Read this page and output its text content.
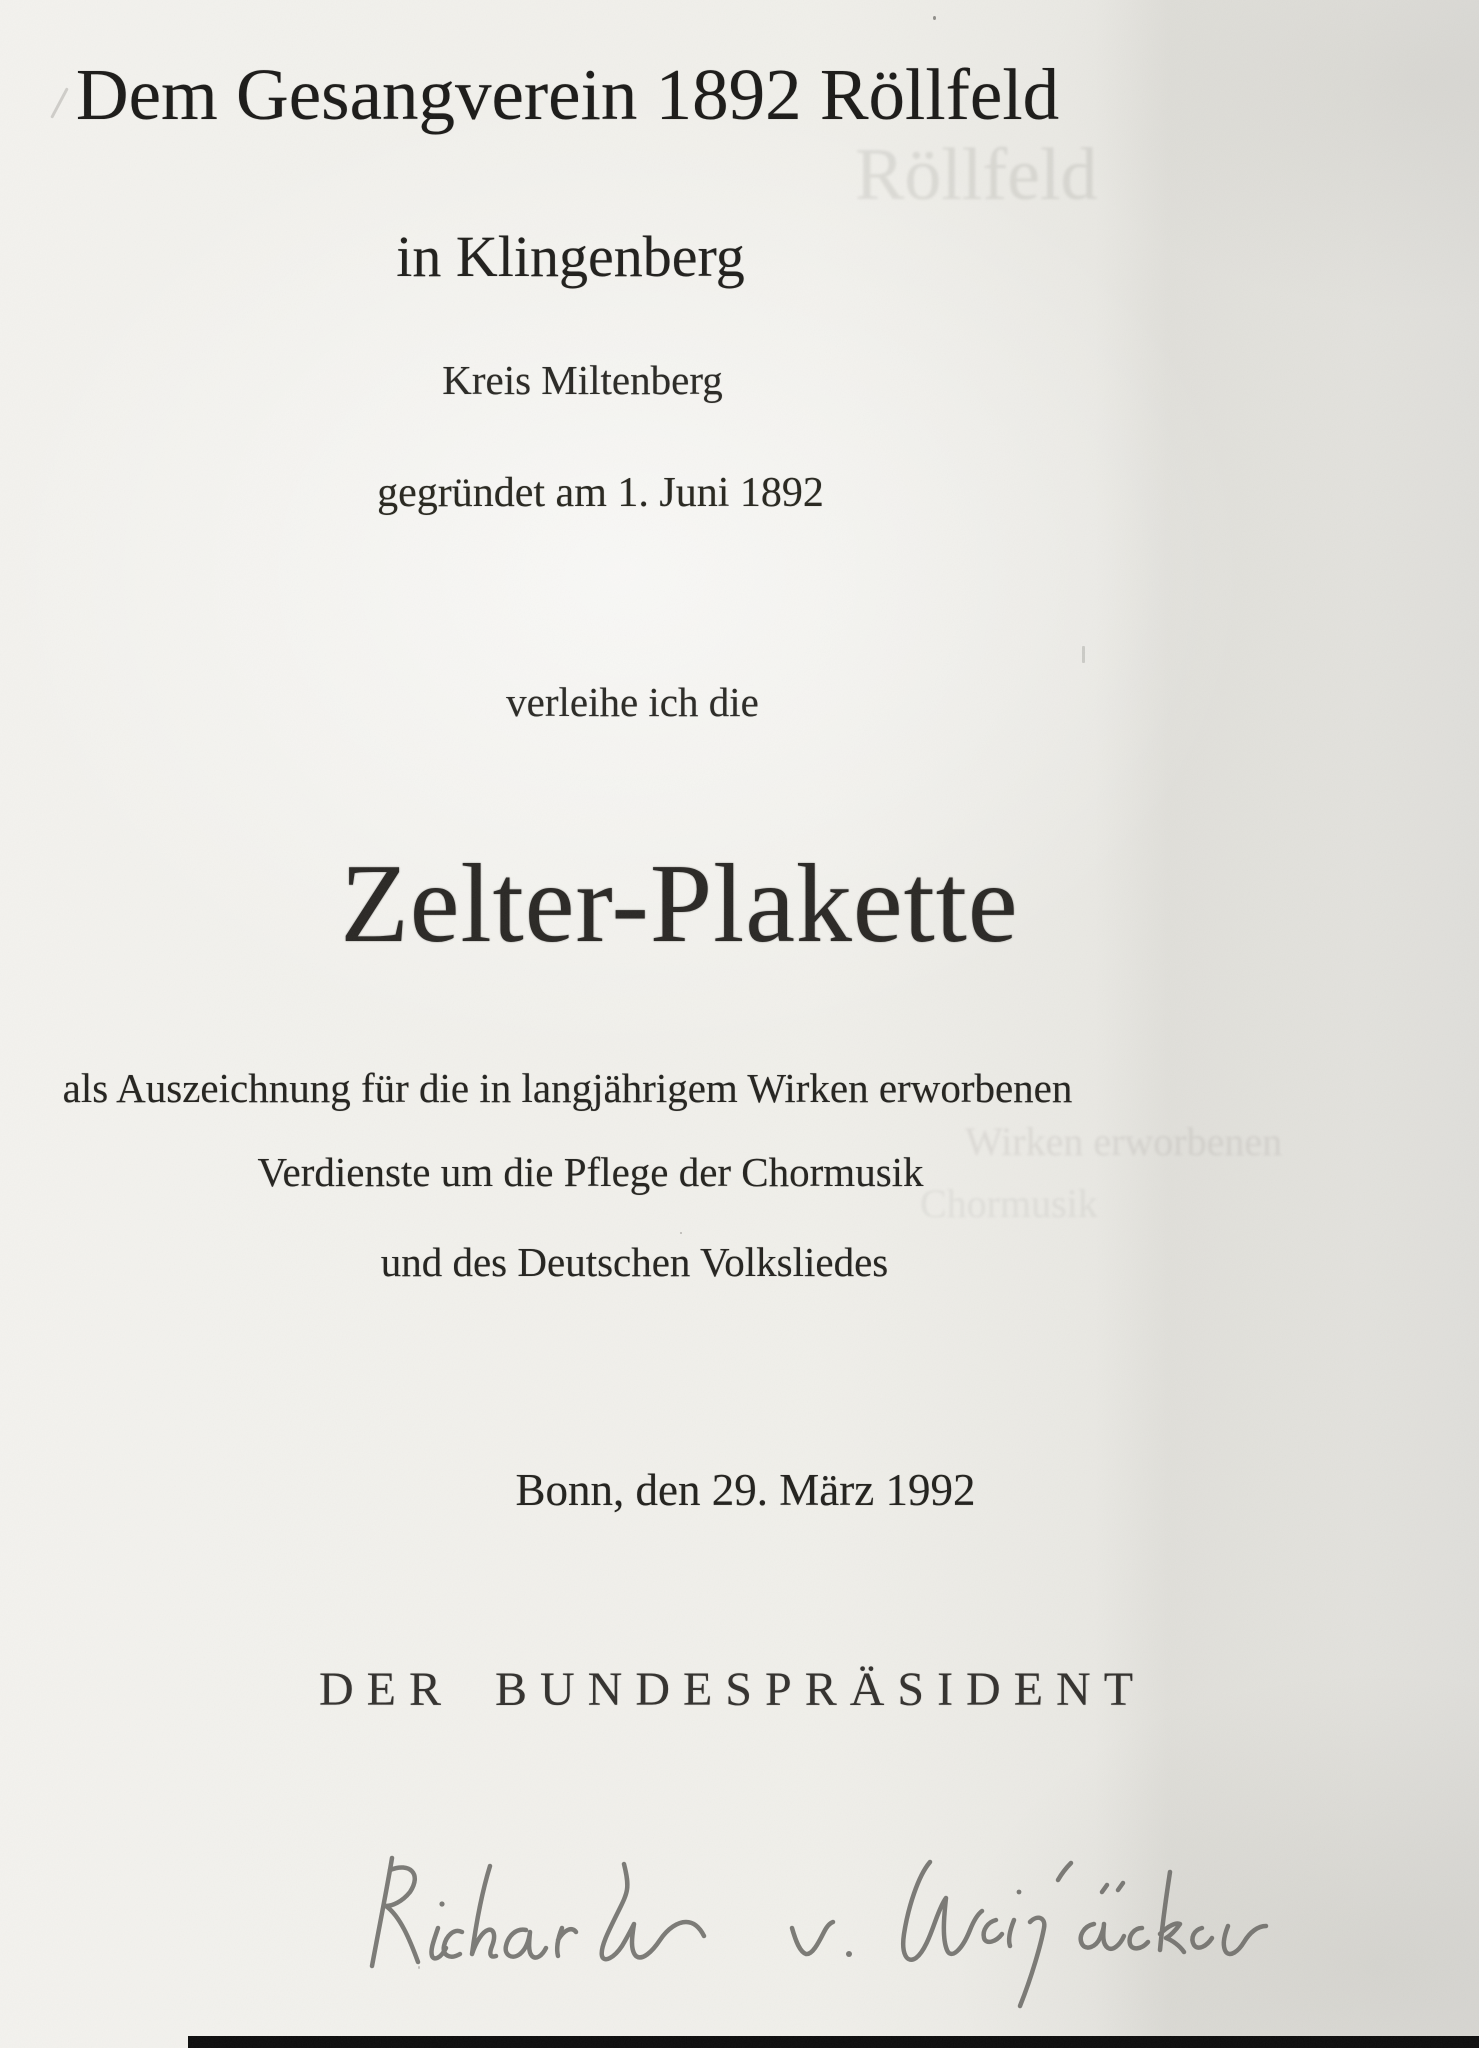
Röllfeld
Wirken erworbenen
Chormusik
Dem Gesangverein 1892 Röllfeld
in Klingenberg
Kreis Miltenberg
gegründet am 1. Juni 1892
verleihe ich die
Zelter-Plakette
als Auszeichnung für die in langjährigem Wirken erworbenen
Verdienste um die Pflege der Chormusik
und des Deutschen Volksliedes
Bonn, den 29. März 1992
DER BUNDESPRÄSIDENT
